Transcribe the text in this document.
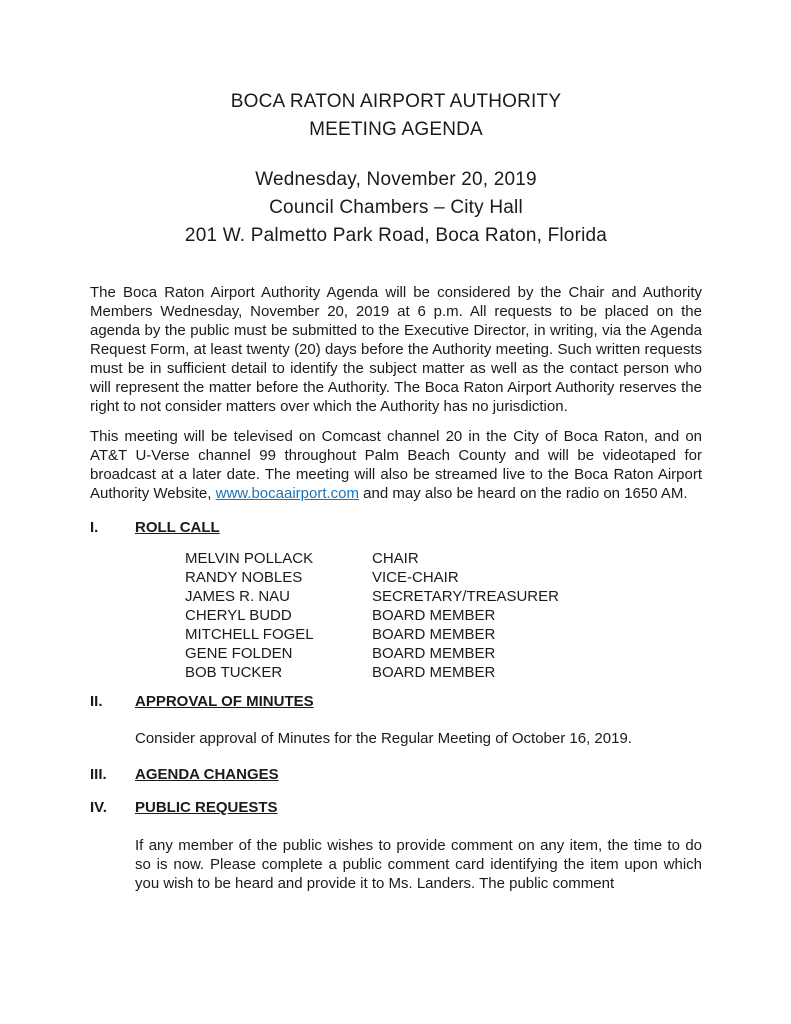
BOCA RATON AIRPORT AUTHORITY
MEETING AGENDA
Wednesday, November 20, 2019
Council Chambers – City Hall
201 W. Palmetto Park Road, Boca Raton, Florida

The Boca Raton Airport Authority Agenda will be considered by the Chair and Authority Members Wednesday, November 20, 2019 at 6 p.m. All requests to be placed on the agenda by the public must be submitted to the Executive Director, in writing, via the Agenda Request Form, at least twenty (20) days before the Authority meeting. Such written requests must be in sufficient detail to identify the subject matter as well as the contact person who will represent the matter before the Authority. The Boca Raton Airport Authority reserves the right to not consider matters over which the Authority has no jurisdiction.

This meeting will be televised on Comcast channel 20 in the City of Boca Raton, and on AT&T U-Verse channel 99 throughout Palm Beach County and will be videotaped for broadcast at a later date. The meeting will also be streamed live to the Boca Raton Airport Authority Website, www.bocaairport.com and may also be heard on the radio on 1650 AM.

I.	ROLL CALL
MELVIN POLLACK	CHAIR
RANDY NOBLES	VICE-CHAIR
JAMES R. NAU	SECRETARY/TREASURER
CHERYL BUDD	BOARD MEMBER
MITCHELL FOGEL	BOARD MEMBER
GENE FOLDEN	BOARD MEMBER
BOB TUCKER	BOARD MEMBER
II.	APPROVAL OF MINUTES

Consider approval of Minutes for the Regular Meeting of October 16, 2019.

III.	AGENDA CHANGES
IV.	PUBLIC REQUESTS

If any member of the public wishes to provide comment on any item, the time to do so is now. Please complete a public comment card identifying the item upon which you wish to be heard and provide it to Ms. Landers. The public comment
